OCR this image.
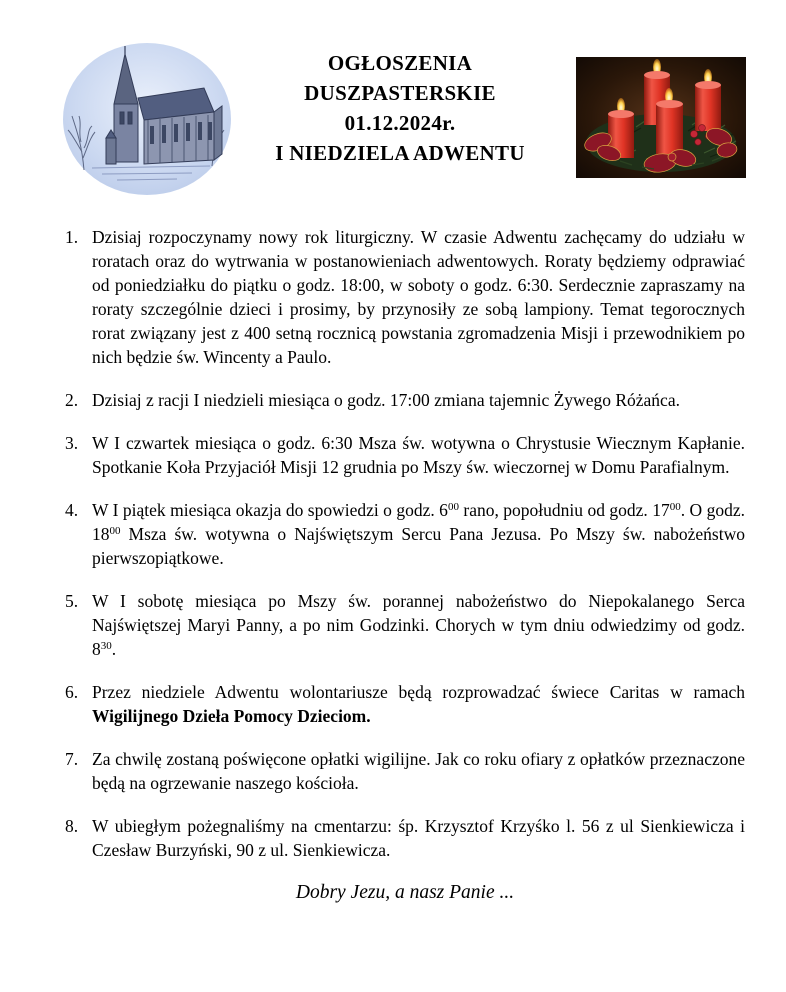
OGŁOSZENIA
DUSZPASTERSKIE
01.12.2024r.
I NIEDZIELA ADWENTU
1. Dzisiaj rozpoczynamy nowy rok liturgiczny. W czasie Adwentu zachęcamy do udziału w roratach oraz do wytrwania w postanowieniach adwentowych. Roraty będziemy odprawiać od poniedziałku do piątku o godz. 18:00, w soboty o godz. 6:30. Serdecznie zapraszamy na roraty szczególnie dzieci i prosimy, by przynosiły ze sobą lampiony. Temat tegorocznych rorat związany jest z 400 setną rocznicą powstania zgromadzenia Misji i przewodnikiem po nich będzie św. Wincenty a Paulo.
2. Dzisiaj z racji I niedzieli miesiąca o godz. 17:00 zmiana tajemnic Żywego Różańca.
3. W I czwartek miesiąca o godz. 6:30 Msza św. wotywna o Chrystusie Wiecznym Kapłanie. Spotkanie Koła Przyjaciół Misji 12 grudnia po Mszy św. wieczornej w Domu Parafialnym.
4. W I piątek miesiąca okazja do spowiedzi o godz. $6^{00}$ rano, popołudniu od godz. $17^{00}$. O godz. $18^{00}$ Msza św. wotywna o Najświętszym Sercu Pana Jezusa. Po Mszy św. nabożeństwo pierwszopiątkowe.
5. W I sobotę miesiąca po Mszy św. porannej nabożeństwo do Niepokalanego Serca Najświętszej Maryi Panny, a po nim Godzinki. Chorych w tym dniu odwiedzimy od godz. $8^{30}$.
6. Przez niedziele Adwentu wolontariusze będą rozprowadzać świece Caritas w ramach Wigilijnego Dzieła Pomocy Dzieciom.
7. Za chwilę zostaną poświęcone opłatki wigilijne. Jak co roku ofiary z opłatków przeznaczone będą na ogrzewanie naszego kościoła.
8. W ubiegłym pożegnaliśmy na cmentarzu: śp. Krzysztof Krzyśko l. 56 z ul Sienkiewicza i Czesław Burzyński, 90 z ul. Sienkiewicza.
Dobry Jezu, a nasz Panie ...
